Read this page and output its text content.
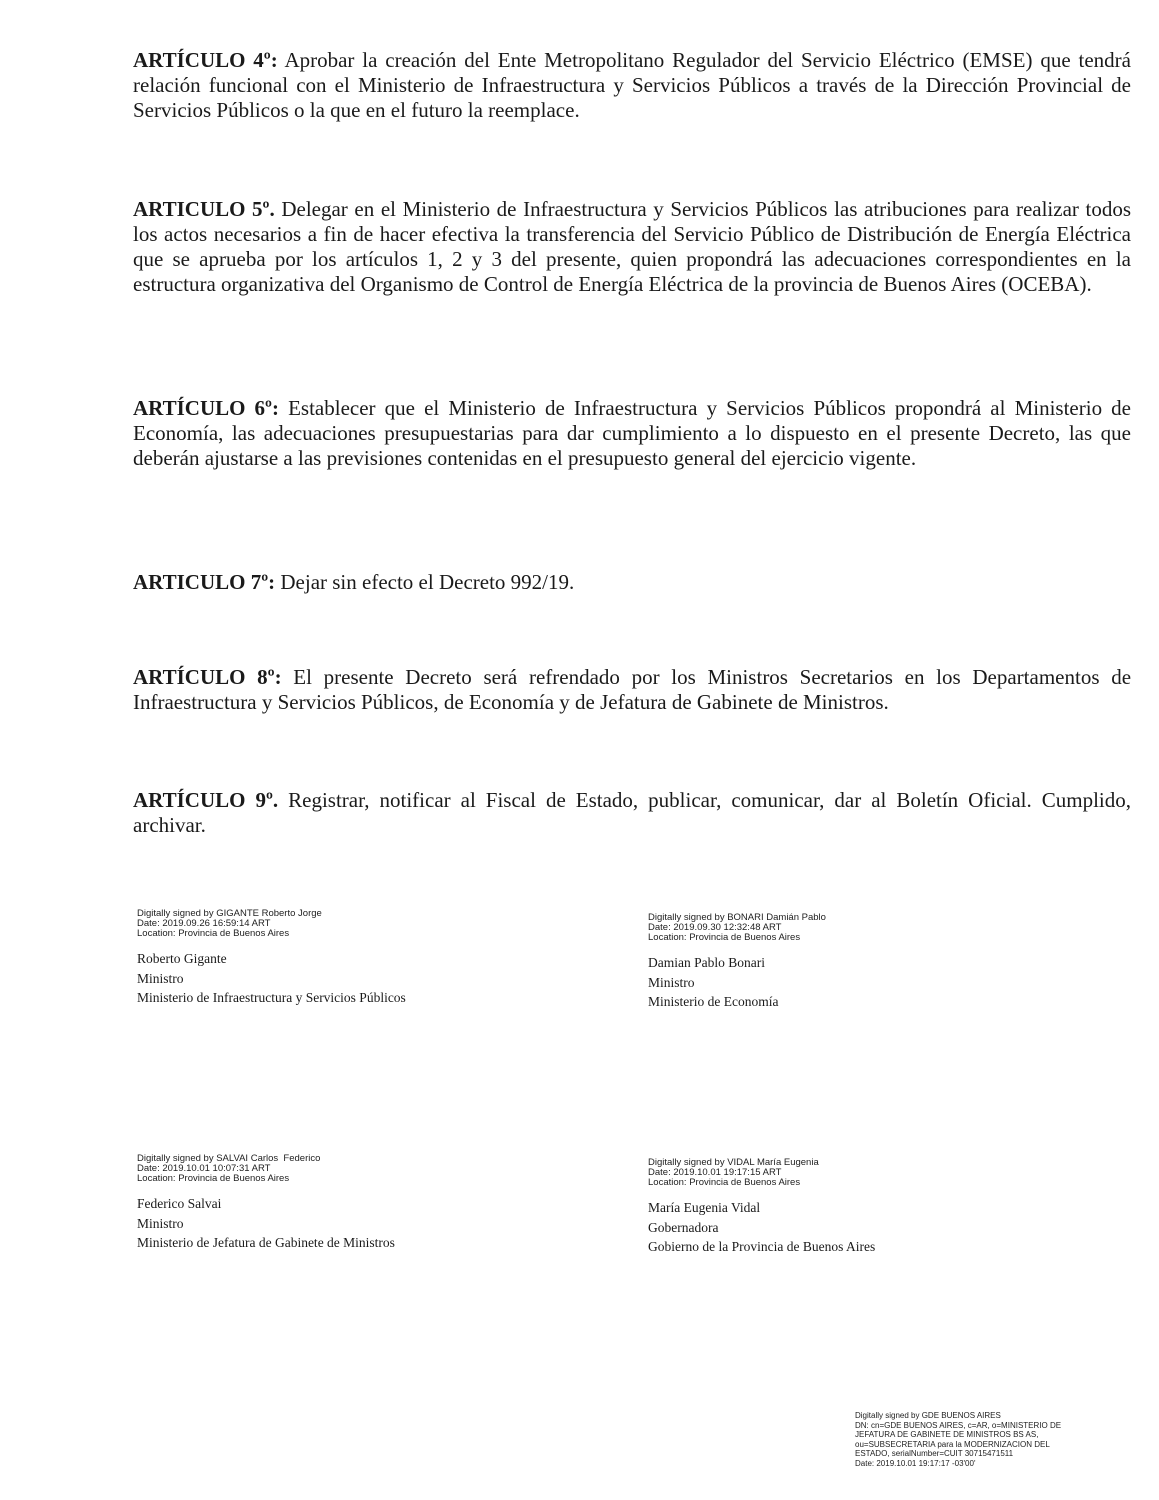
ARTÍCULO 4º: Aprobar la creación del Ente Metropolitano Regulador del Servicio Eléctrico (EMSE) que tendrá relación funcional con el Ministerio de Infraestructura y Servicios Públicos a través de la Dirección Provincial de Servicios Públicos o la que en el futuro la reemplace.
ARTICULO 5º. Delegar en el Ministerio de Infraestructura y Servicios Públicos las atribuciones para realizar todos los actos necesarios a fin de hacer efectiva la transferencia del Servicio Público de Distribución de Energía Eléctrica que se aprueba por los artículos 1, 2 y 3 del presente, quien propondrá las adecuaciones correspondientes en la estructura organizativa del Organismo de Control de Energía Eléctrica de la provincia de Buenos Aires (OCEBA).
ARTÍCULO 6º: Establecer que el Ministerio de Infraestructura y Servicios Públicos propondrá al Ministerio de Economía, las adecuaciones presupuestarias para dar cumplimiento a lo dispuesto en el presente Decreto, las que deberán ajustarse a las previsiones contenidas en el presupuesto general del ejercicio vigente.
ARTICULO 7º: Dejar sin efecto el Decreto 992/19.
ARTÍCULO 8º: El presente Decreto será refrendado por los Ministros Secretarios en los Departamentos de Infraestructura y Servicios Públicos, de Economía y de Jefatura de Gabinete de Ministros.
ARTÍCULO 9º. Registrar, notificar al Fiscal de Estado, publicar, comunicar, dar al Boletín Oficial. Cumplido, archivar.
Digitally signed by GIGANTE Roberto Jorge
Date: 2019.09.26 16:59:14 ART
Location: Provincia de Buenos Aires
Roberto Gigante
Ministro
Ministerio de Infraestructura y Servicios Públicos
Digitally signed by BONARI Damián Pablo
Date: 2019.09.30 12:32:48 ART
Location: Provincia de Buenos Aires
Damian Pablo Bonari
Ministro
Ministerio de Economía
Digitally signed by SALVAI Carlos  Federico
Date: 2019.10.01 10:07:31 ART
Location: Provincia de Buenos Aires
Federico Salvai
Ministro
Ministerio de Jefatura de Gabinete de Ministros
Digitally signed by VIDAL María Eugenia
Date: 2019.10.01 19:17:15 ART
Location: Provincia de Buenos Aires
María Eugenia Vidal
Gobernadora
Gobierno de la Provincia de Buenos Aires
Digitally signed by GDE BUENOS AIRES
DN: cn=GDE BUENOS AIRES, c=AR, o=MINISTERIO DE
JEFATURA DE GABINETE DE MINISTROS BS AS,
ou=SUBSECRETARIA para la MODERNIZACION DEL
ESTADO, serialNumber=CUIT 30715471511
Date: 2019.10.01 19:17:17 -03'00'
